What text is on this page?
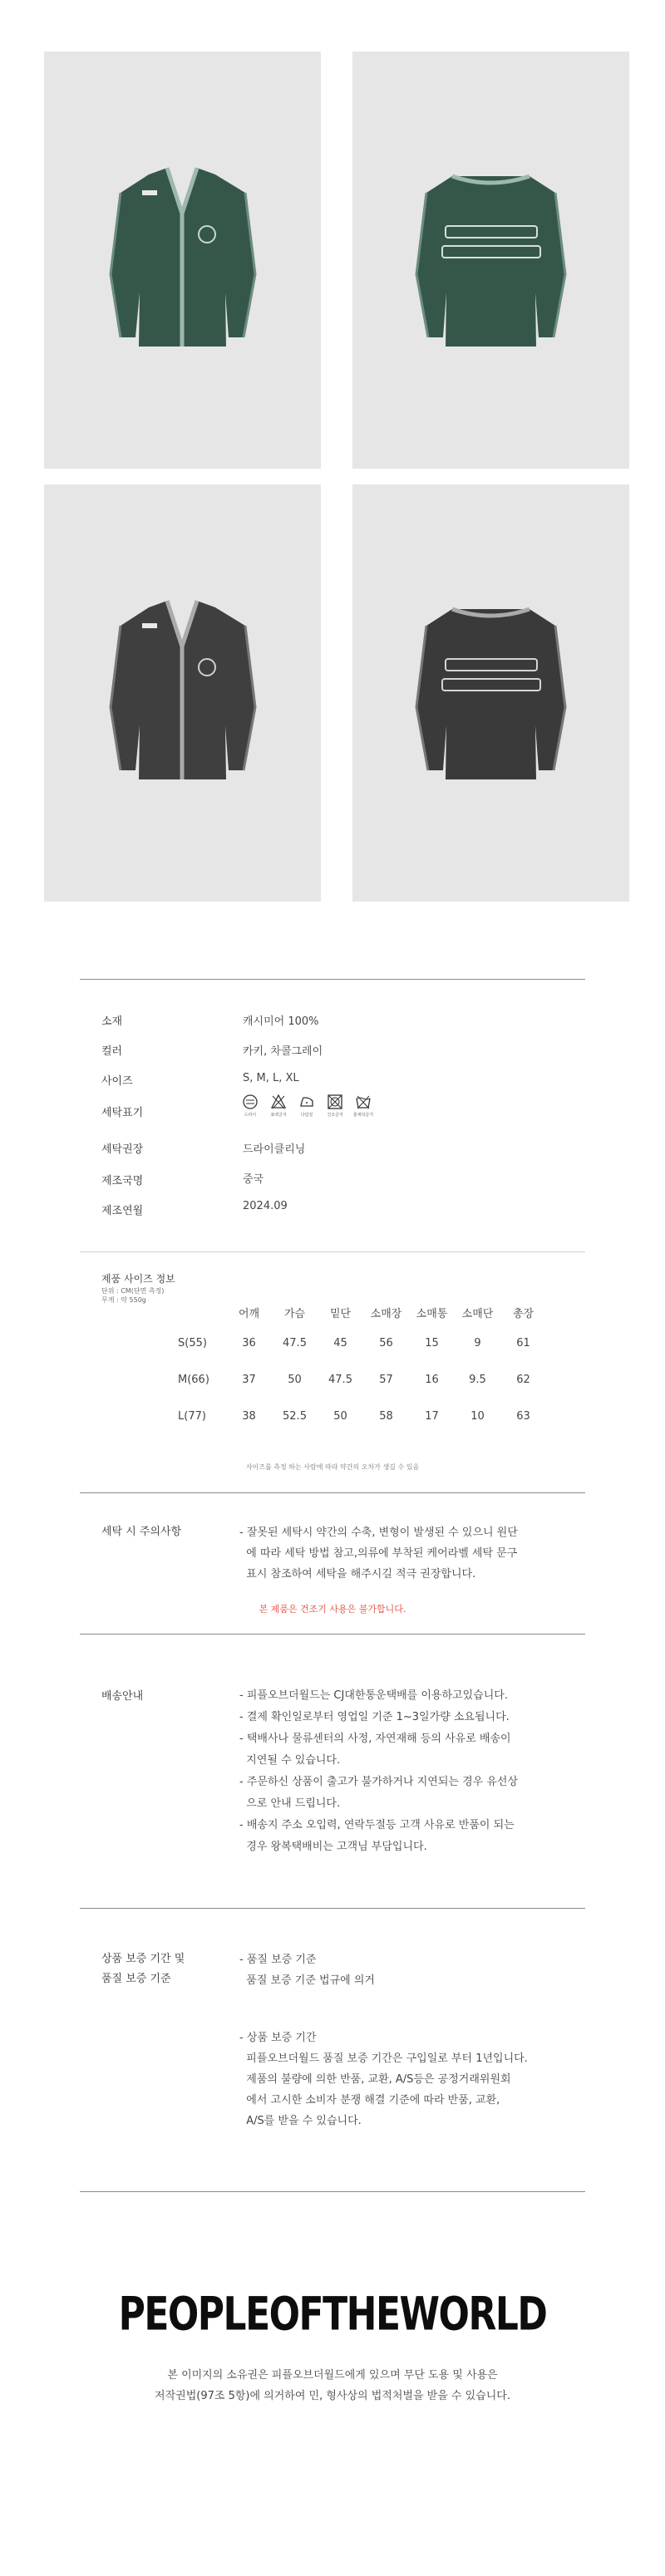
소재	캐시미어 100%
컬러	카키, 차콜그레이
사이즈	S, M, L, XL
세탁표기	드라이	표백금지	다림질	건조금지 물세탁금지
세탁권장	드라이클리닝
제조국명	중국
제조연월	2024.09
제품 사이즈 정보
단위 : CM(단면 측정)
무게 : 약 550g
	어깨	가슴	밑단	소매장	소매통	소매단	총장
S(55)	36	47.5	45	56	15	9	61
M(66)	37	50	47.5	57	16	9.5	62
L(77)	38	52.5	50	58	17	10	63
사이즈를 측정 하는 사람에 따라 약간의 오차가 생길 수 있음
세탁 시 주의사항	- 잘못된 세탁시 약간의 수축, 변형이 발생된 수 있으니 원단
에 따라 세탁 방법 참고,의류에 부착된 케어라벨 세탁 문구
표시 참조하여 세탁을 해주시길 적극 권장합니다.
본 제품은 건조기 사용은 불가합니다.
배송안내	- 피플오브더월드는 CJ대한통운택배를 이용하고있습니다.
- 결제 확인일로부터 영업일 기준 1~3일가량 소요됩니다.
- 택배사나 물류센터의 사정, 자연재해 등의 사유로 배송이
지연될 수 있습니다.
- 주문하신 상품이 출고가 불가하거나 지연되는 경우 유선상
으로 안내 드립니다.
- 배송지 주소 오입력, 연락두절등 고객 사유로 반품이 되는
경우 왕복택배비는 고객님 부담입니다.
상품 보증 기간 및
품질 보증 기준
- 품질 보증 기준
품질 보증 기준 법규에 의거
- 상품 보증 기간
피플오브더월드 품질 보증 기간은 구입일로 부터 1년입니다.
제품의 불량에 의한 반품, 교환, A/S등은 공정거래위원회
에서 고시한 소비자 분쟁 해결 기준에 따라 반품, 교환,
A/S를 받을 수 있습니다.
PEOPLEOFTHEWORLD
본 이미지의 소유권은 피플오브더월드에게 있으며 무단 도용 및 사용은
저작권법(97조 5항)에 의거하여 민, 형사상의 법적처벌을 받을 수 있습니다.
